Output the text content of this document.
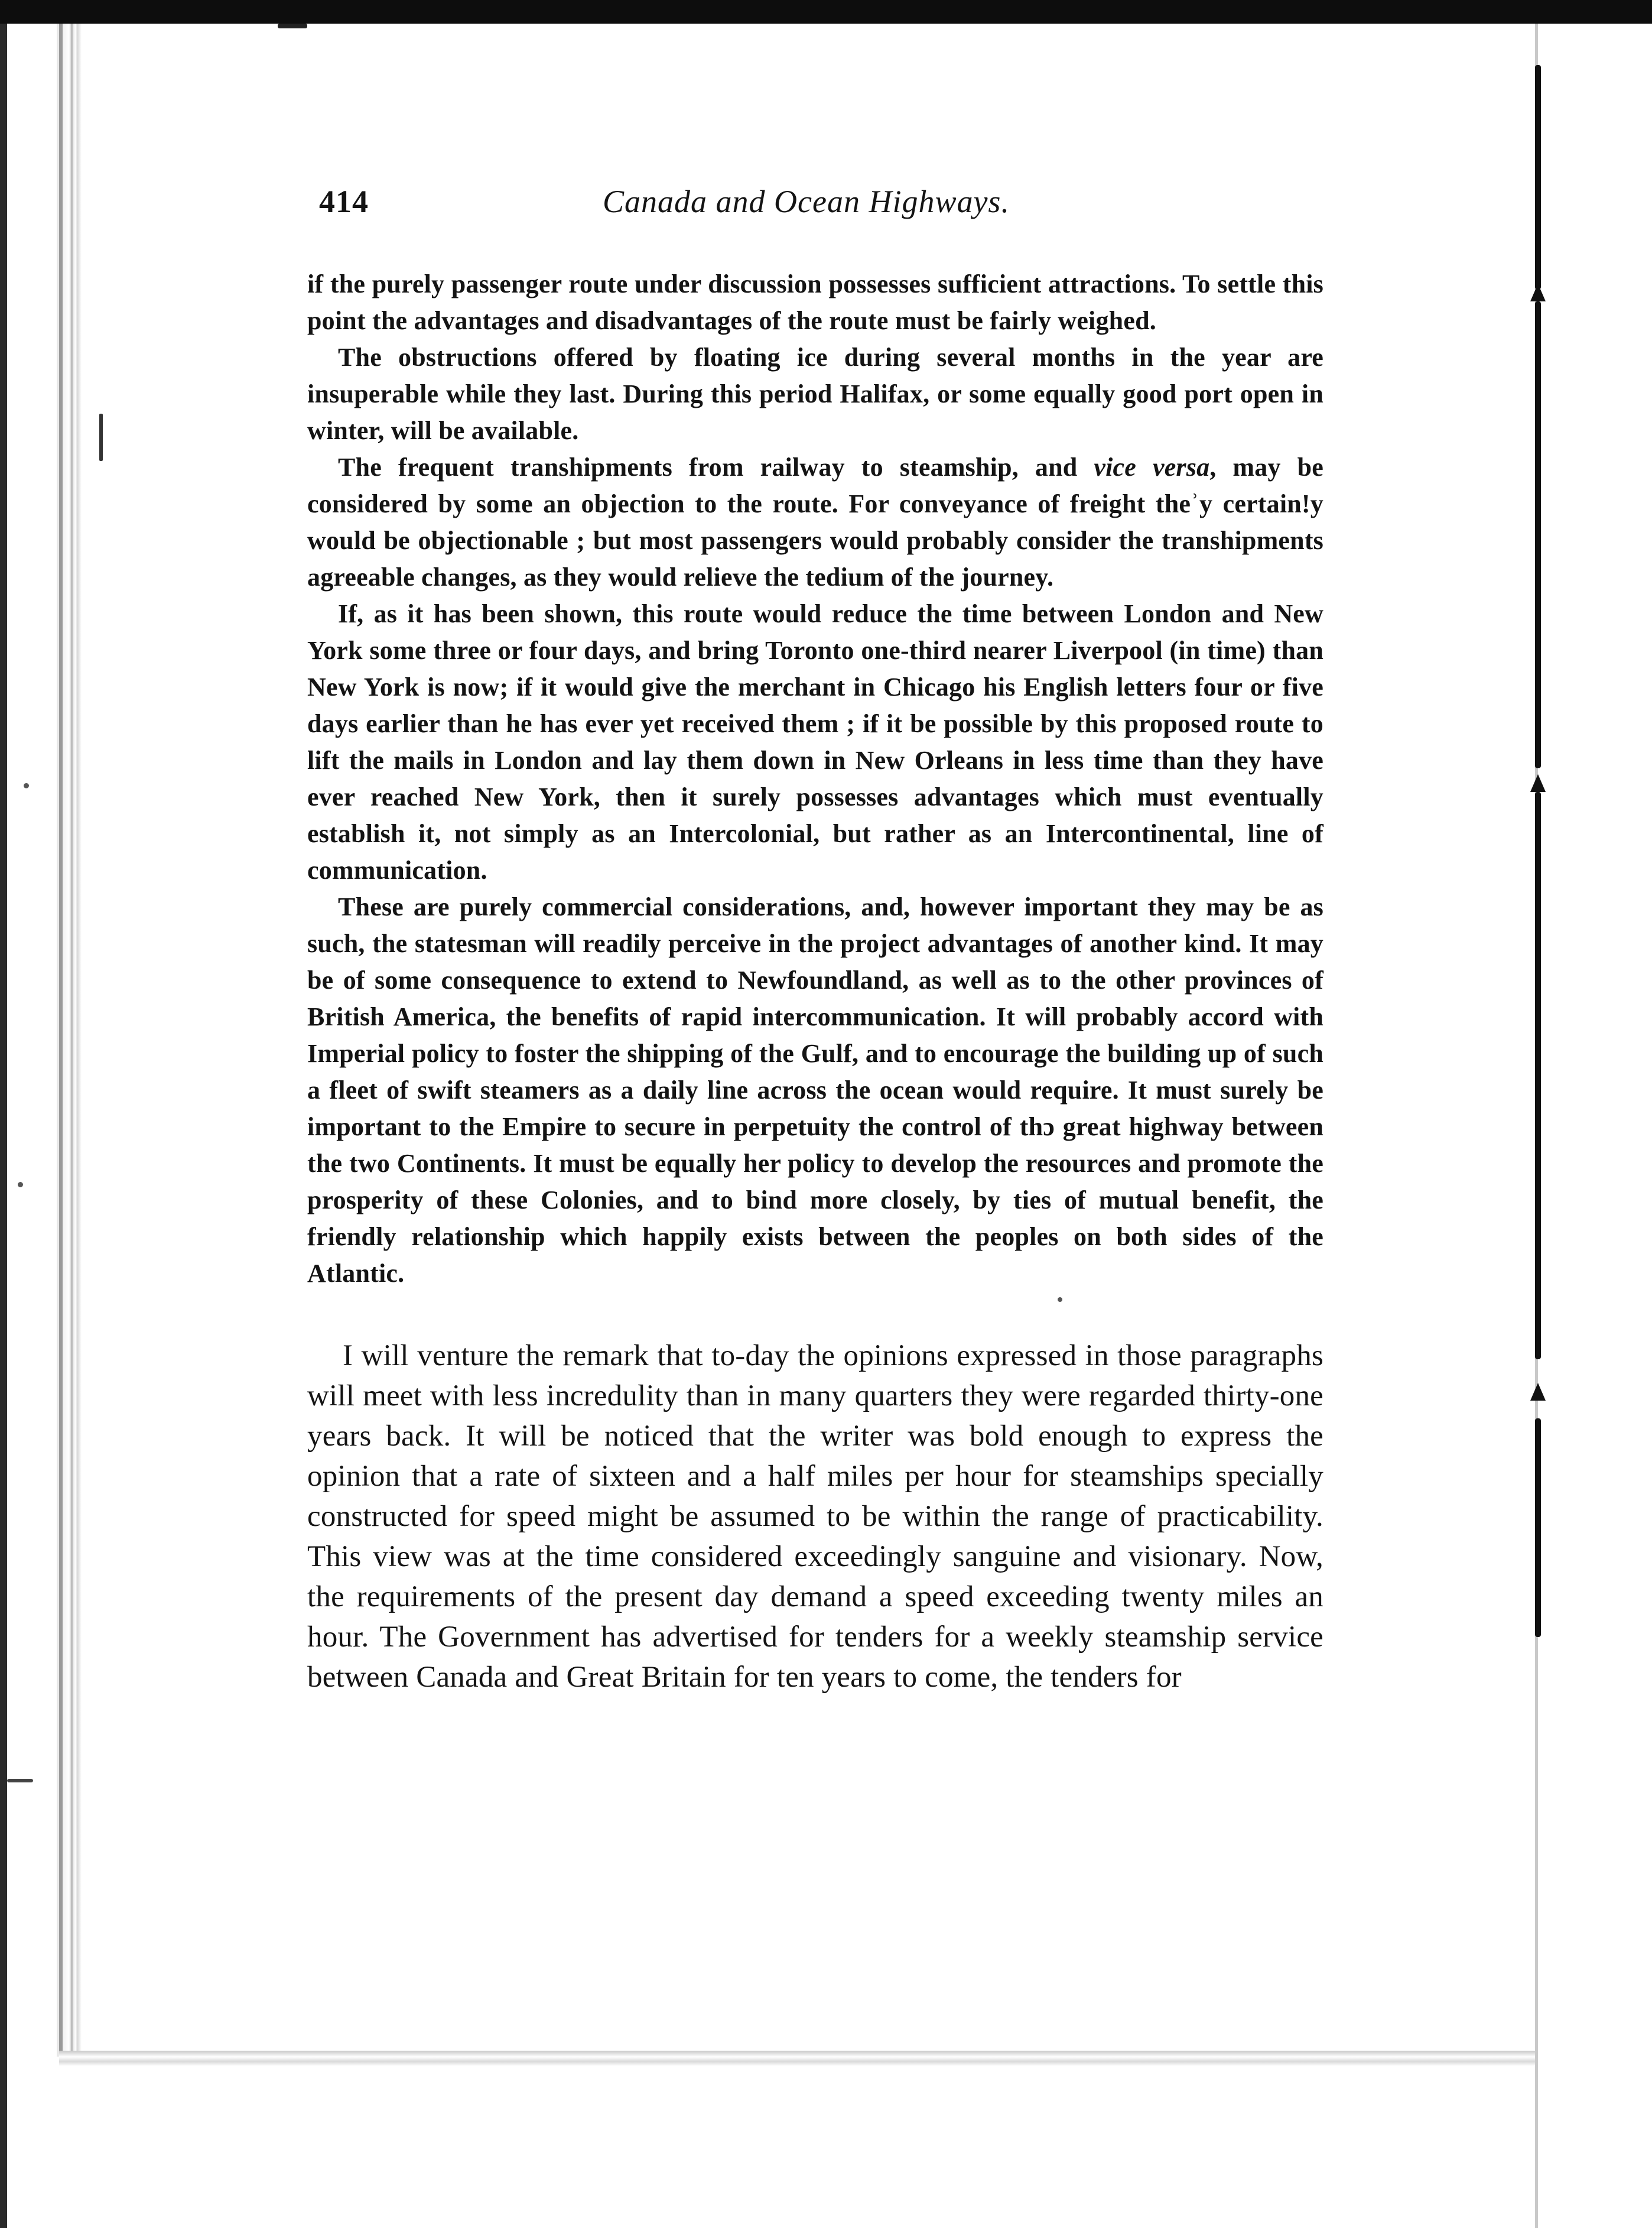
414	Canada and Ocean Highways.

if the purely passenger route under discussion possesses sufficient attractions. To settle this point the advantages and disadvantages of the route must be fairly weighed.

The obstructions offered by floating ice during several months in the year are insuperable while they last. During this period Halifax, or some equally good port open in winter, will be available.

The frequent transhipments from railway to steamship, and vice versa, may be considered by some an objection to the route. For conveyance of freight theʾy certain!y would be objectionable ; but most passengers would probably consider the transhipments agreeable changes, as they would relieve the tedium of the journey.

If, as it has been shown, this route would reduce the time between London and New York some three or four days, and bring Toronto one-third nearer Liverpool (in time) than New York is now; if it would give the merchant in Chicago his English letters four or five days earlier than he has ever yet received them ; if it be possible by this proposed route to lift the mails in London and lay them down in New Orleans in less time than they have ever reached New York, then it surely possesses advantages which must eventually establish it, not simply as an Intercolonial, but rather as an Intercontinental, line of communication.

These are purely commercial considerations, and, however important they may be as such, the statesman will readily perceive in the project advantages of another kind. It may be of some consequence to extend to Newfoundland, as well as to the other provinces of British America, the benefits of rapid intercommunication. It will probably accord with Imperial policy to foster the shipping of the Gulf, and to encourage the building up of such a fleet of swift steamers as a daily line across the ocean would require. It must surely be important to the Empire to secure in perpetuity the control of thɔ great highway between the two Continents. It must be equally her policy to develop the resources and promote the prosperity of these Colonies, and to bind more closely, by ties of mutual benefit, the friendly relationship which happily exists between the peoples on both sides of the Atlantic.

I will venture the remark that to-day the opinions expressed in those paragraphs will meet with less incredulity than in many quarters they were regarded thirty-one years back. It will be noticed that the writer was bold enough to express the opinion that a rate of sixteen and a half miles per hour for steamships specially constructed for speed might be assumed to be within the range of practicability. This view was at the time considered exceedingly sanguine and visionary. Now, the requirements of the present day demand a speed exceeding twenty miles an hour. The Government has advertised for tenders for a weekly steamship service between Canada and Great Britain for ten years to come, the tenders for
